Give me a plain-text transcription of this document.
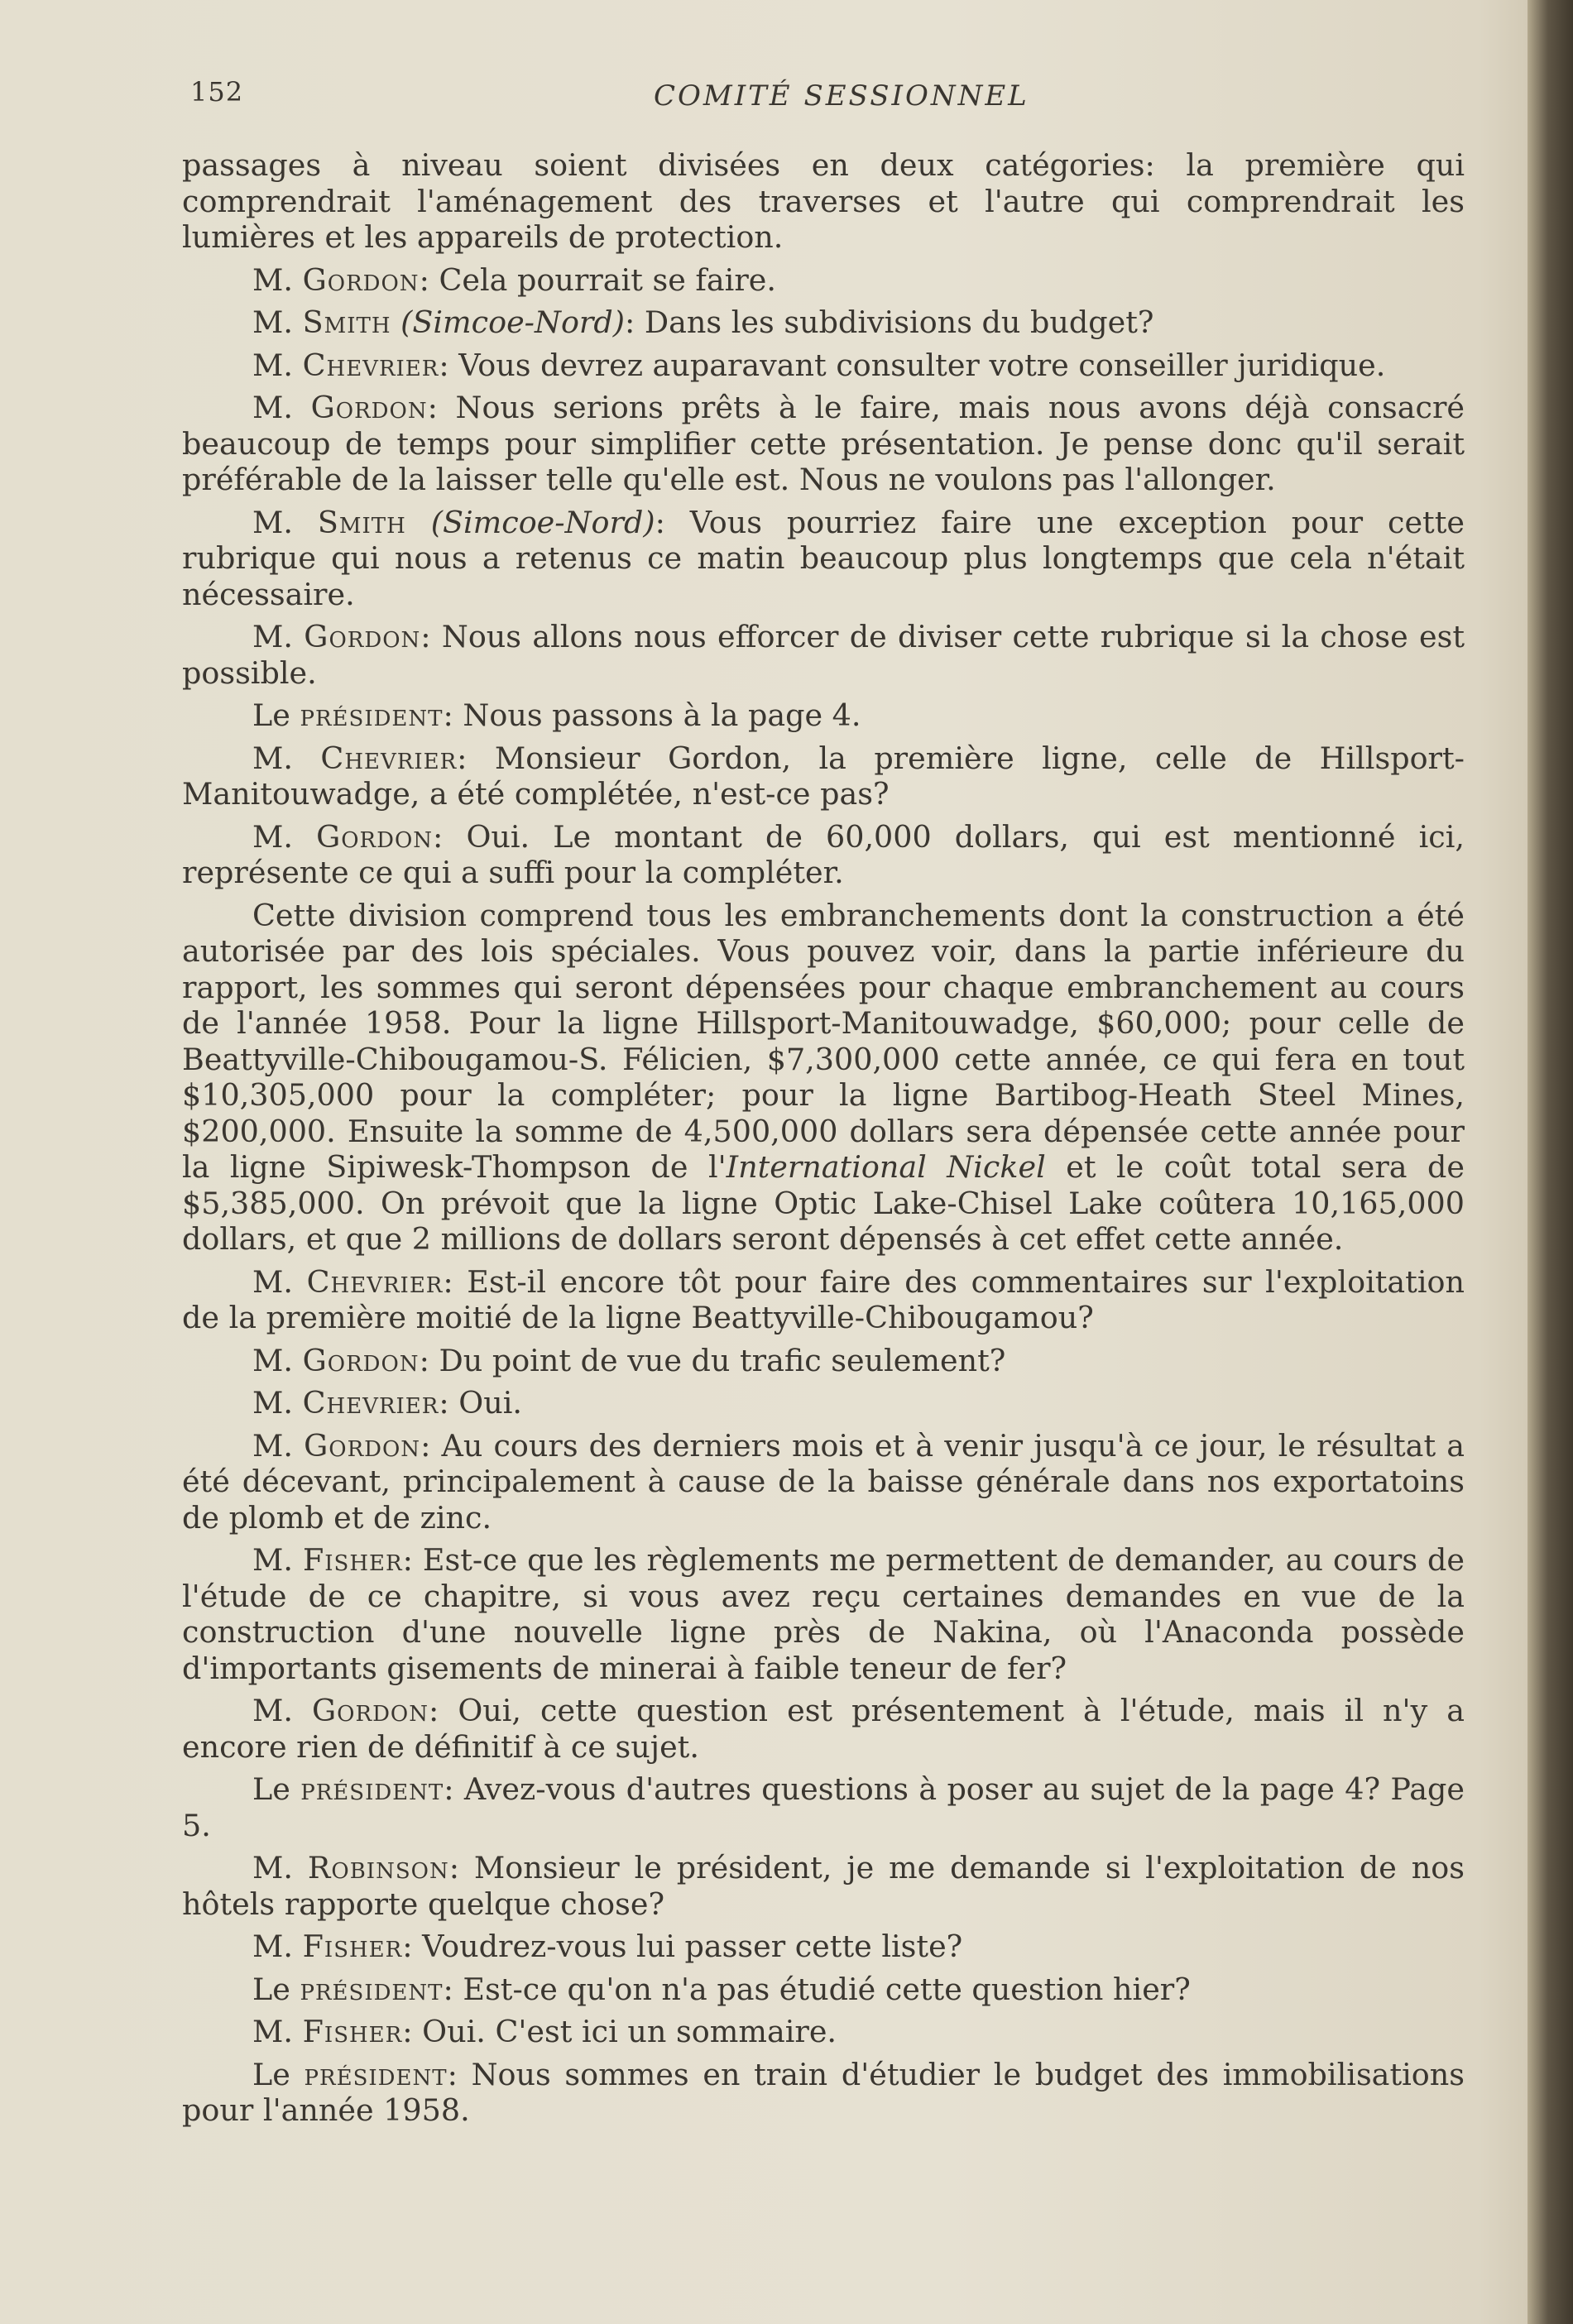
152	COMITÉ SESSIONNEL

passages à niveau soient divisées en deux catégories: la première qui comprendrait l'aménagement des traverses et l'autre qui comprendrait les lumières et les appareils de protection.

M. Gordon: Cela pourrait se faire.

M. Smith (Simcoe-Nord): Dans les subdivisions du budget?

M. Chevrier: Vous devrez auparavant consulter votre conseiller juridique.

M. Gordon: Nous serions prêts à le faire, mais nous avons déjà consacré beaucoup de temps pour simplifier cette présentation. Je pense donc qu'il serait préférable de la laisser telle qu'elle est. Nous ne voulons pas l'allonger.

M. Smith (Simcoe-Nord): Vous pourriez faire une exception pour cette rubrique qui nous a retenus ce matin beaucoup plus longtemps que cela n'était nécessaire.

M. Gordon: Nous allons nous efforcer de diviser cette rubrique si la chose est possible.

Le président: Nous passons à la page 4.

M. Chevrier: Monsieur Gordon, la première ligne, celle de Hillsport-Manitouwadge, a été complétée, n'est-ce pas?

M. Gordon: Oui. Le montant de 60,000 dollars, qui est mentionné ici, représente ce qui a suffi pour la compléter.

Cette division comprend tous les embranchements dont la construction a été autorisée par des lois spéciales. Vous pouvez voir, dans la partie inférieure du rapport, les sommes qui seront dépensées pour chaque embranchement au cours de l'année 1958. Pour la ligne Hillsport-Manitouwadge, $60,000; pour celle de Beattyville-Chibougamou-S. Félicien, $7,300,000 cette année, ce qui fera en tout $10,305,000 pour la compléter; pour la ligne Bartibog-Heath Steel Mines, $200,000. Ensuite la somme de 4,500,000 dollars sera dépensée cette année pour la ligne Sipiwesk-Thompson de l'International Nickel et le coût total sera de $5,385,000. On prévoit que la ligne Optic Lake-Chisel Lake coûtera 10,165,000 dollars, et que 2 millions de dollars seront dépensés à cet effet cette année.

M. Chevrier: Est-il encore tôt pour faire des commentaires sur l'exploitation de la première moitié de la ligne Beattyville-Chibougamou?

M. Gordon: Du point de vue du trafic seulement?

M. Chevrier: Oui.

M. Gordon: Au cours des derniers mois et à venir jusqu'à ce jour, le résultat a été décevant, principalement à cause de la baisse générale dans nos exportatoins de plomb et de zinc.

M. Fisher: Est-ce que les règlements me permettent de demander, au cours de l'étude de ce chapitre, si vous avez reçu certaines demandes en vue de la construction d'une nouvelle ligne près de Nakina, où l'Anaconda possède d'importants gisements de minerai à faible teneur de fer?

M. Gordon: Oui, cette question est présentement à l'étude, mais il n'y a encore rien de définitif à ce sujet.

Le président: Avez-vous d'autres questions à poser au sujet de la page 4? Page 5.

M. Robinson: Monsieur le président, je me demande si l'exploitation de nos hôtels rapporte quelque chose?

M. Fisher: Voudrez-vous lui passer cette liste?

Le président: Est-ce qu'on n'a pas étudié cette question hier?

M. Fisher: Oui. C'est ici un sommaire.

Le président: Nous sommes en train d'étudier le budget des immobilisations pour l'année 1958.
